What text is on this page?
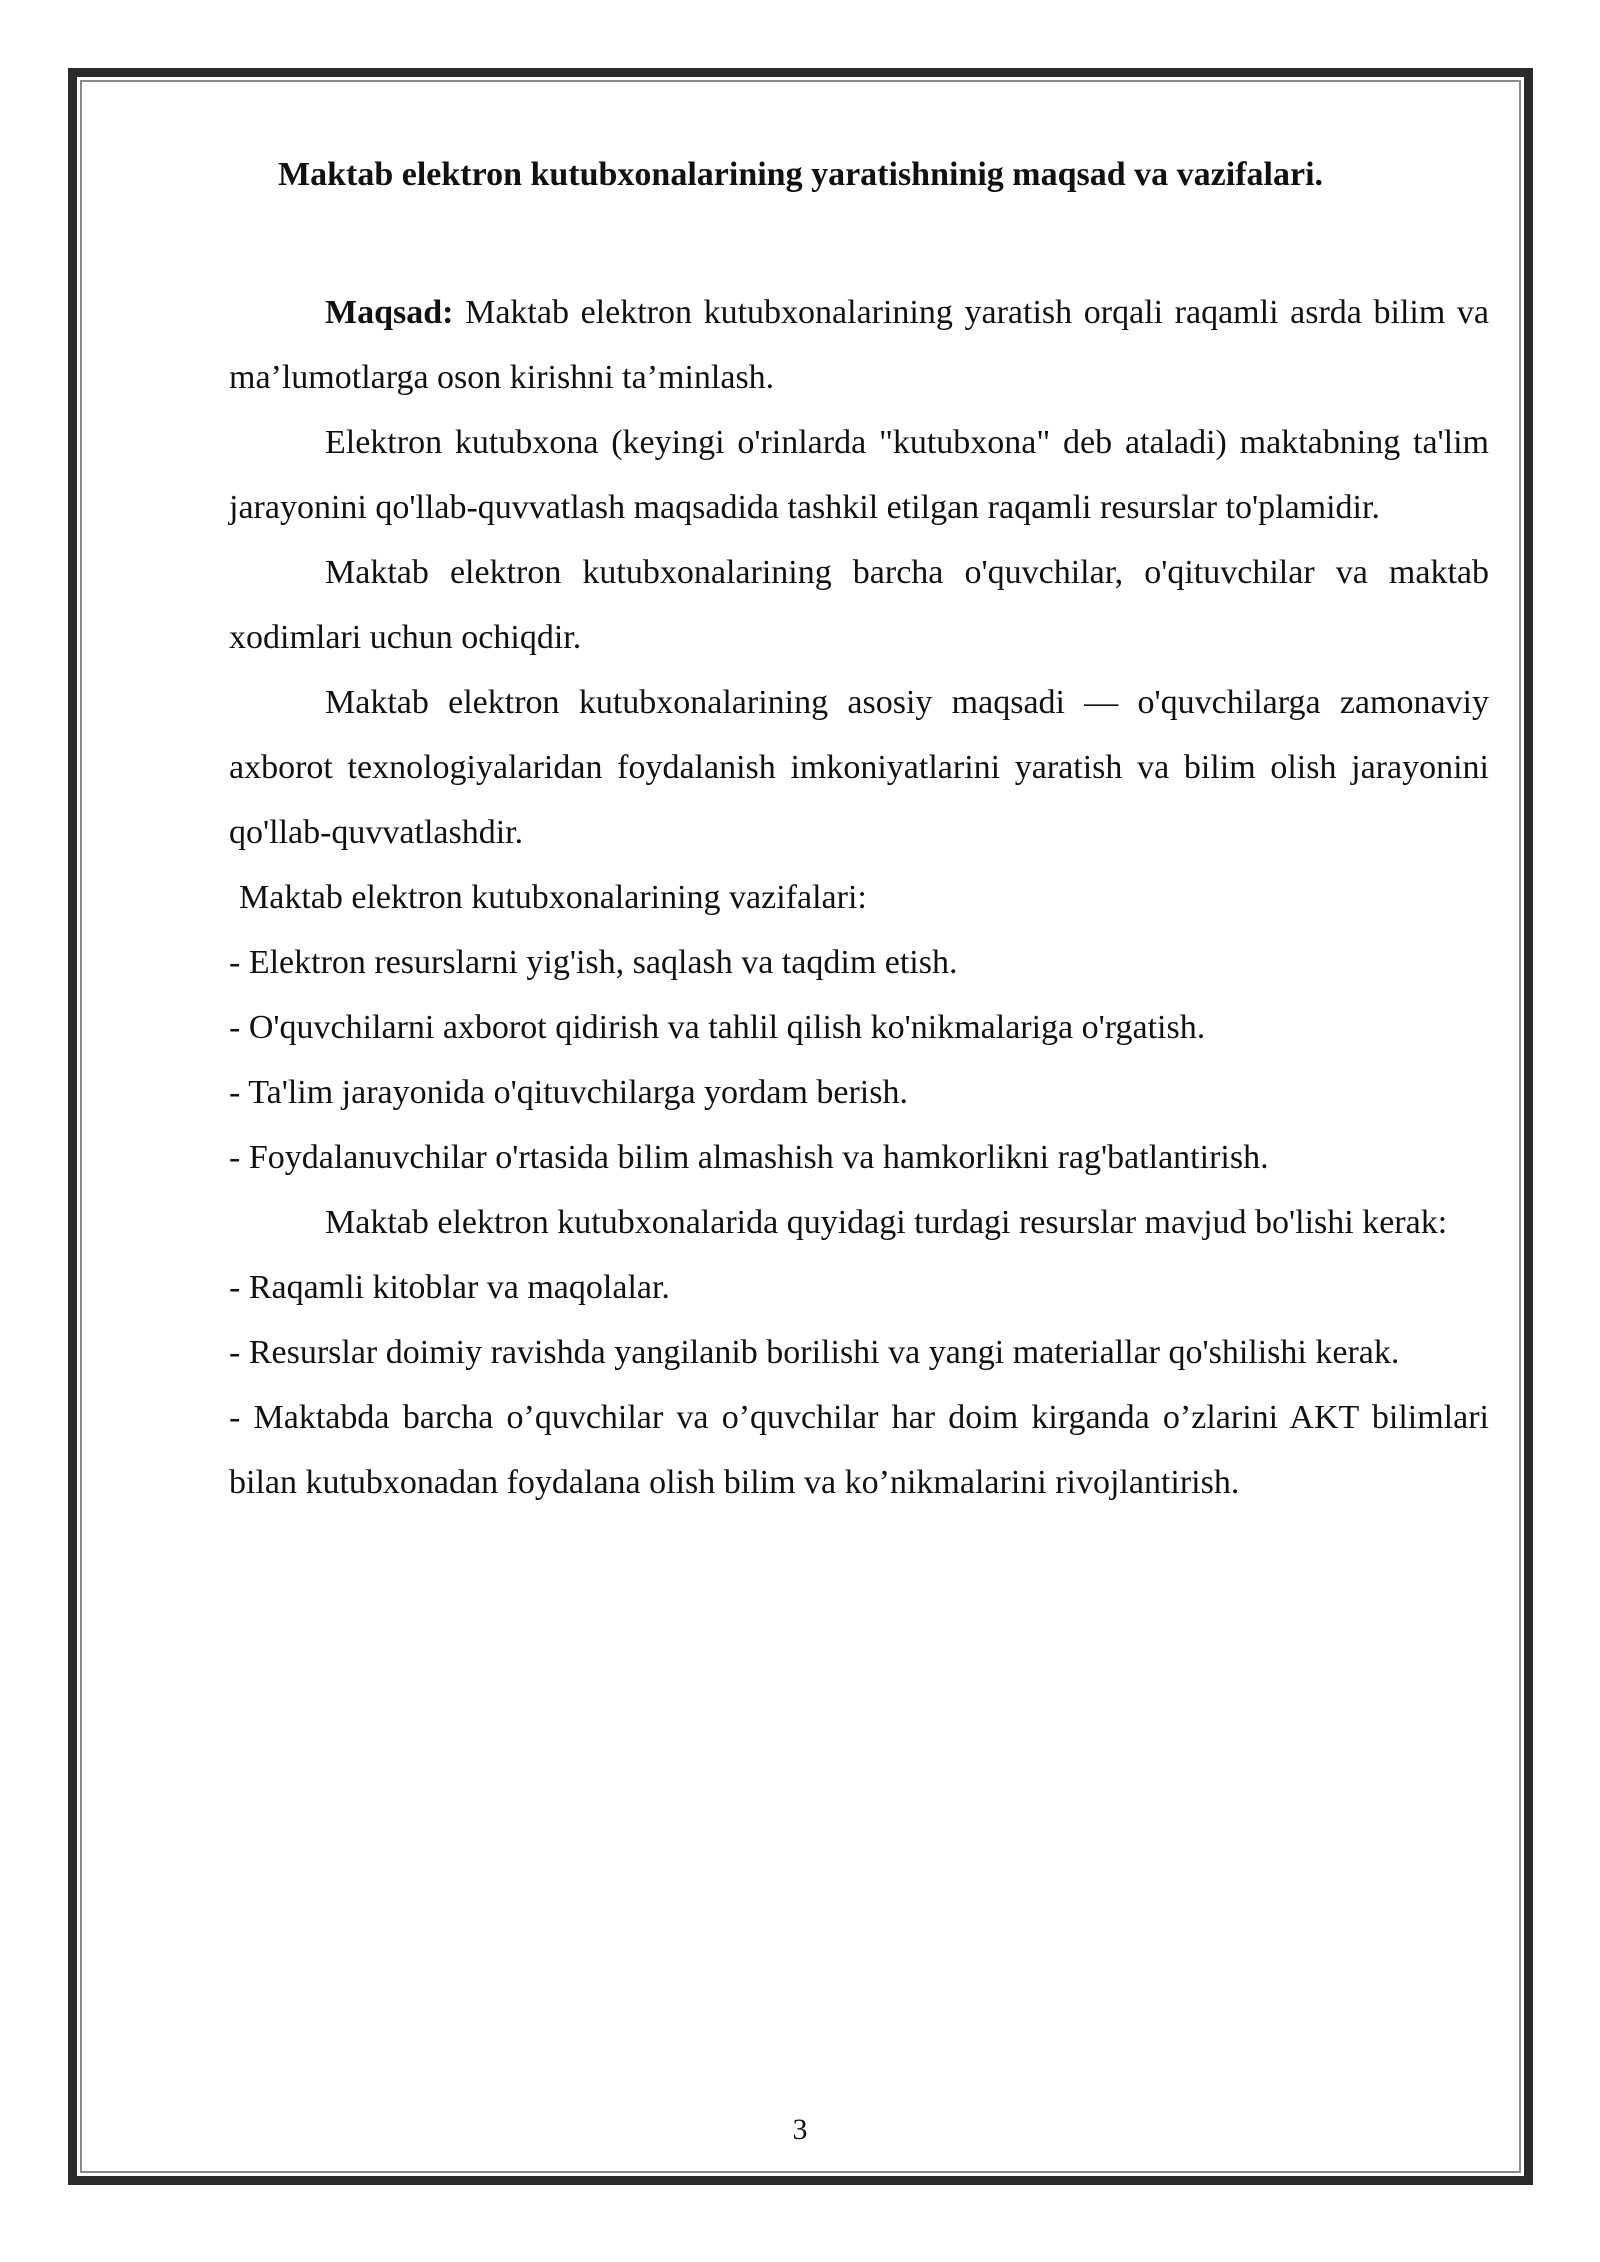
Maktab elektron kutubxonalarining yaratishninig maqsad va vazifalari.

Maqsad: Maktab elektron kutubxonalarining yaratish orqali raqamli asrda bilim va ma’lumotlarga oson kirishni ta’minlash.

Elektron kutubxona (keyingi o'rinlarda "kutubxona" deb ataladi) maktabning ta'lim jarayonini qo'llab-quvvatlash maqsadida tashkil etilgan raqamli resurslar to'plamidir.

Maktab elektron kutubxonalarining barcha o'quvchilar, o'qituvchilar va maktab xodimlari uchun ochiqdir.

Maktab elektron kutubxonalarining asosiy maqsadi — o'quvchilarga zamonaviy axborot texnologiyalaridan foydalanish imkoniyatlarini yaratish va bilim olish jarayonini qo'llab-quvvatlashdir.

Maktab elektron kutubxonalarining vazifalari:

- Elektron resurslarni yig'ish, saqlash va taqdim etish.

- O'quvchilarni axborot qidirish va tahlil qilish ko'nikmalariga o'rgatish.

- Ta'lim jarayonida o'qituvchilarga yordam berish.

- Foydalanuvchilar o'rtasida bilim almashish va hamkorlikni rag'batlantirish.

Maktab elektron kutubxonalarida quyidagi turdagi resurslar mavjud bo'lishi kerak:

- Raqamli kitoblar va maqolalar.

- Resurslar doimiy ravishda yangilanib borilishi va yangi materiallar qo'shilishi kerak.

- Maktabda barcha o’quvchilar va o’quvchilar har doim kirganda o’zlarini AKT bilimlari bilan kutubxonadan foydalana olish bilim va ko’nikmalarini rivojlantirish.

3
